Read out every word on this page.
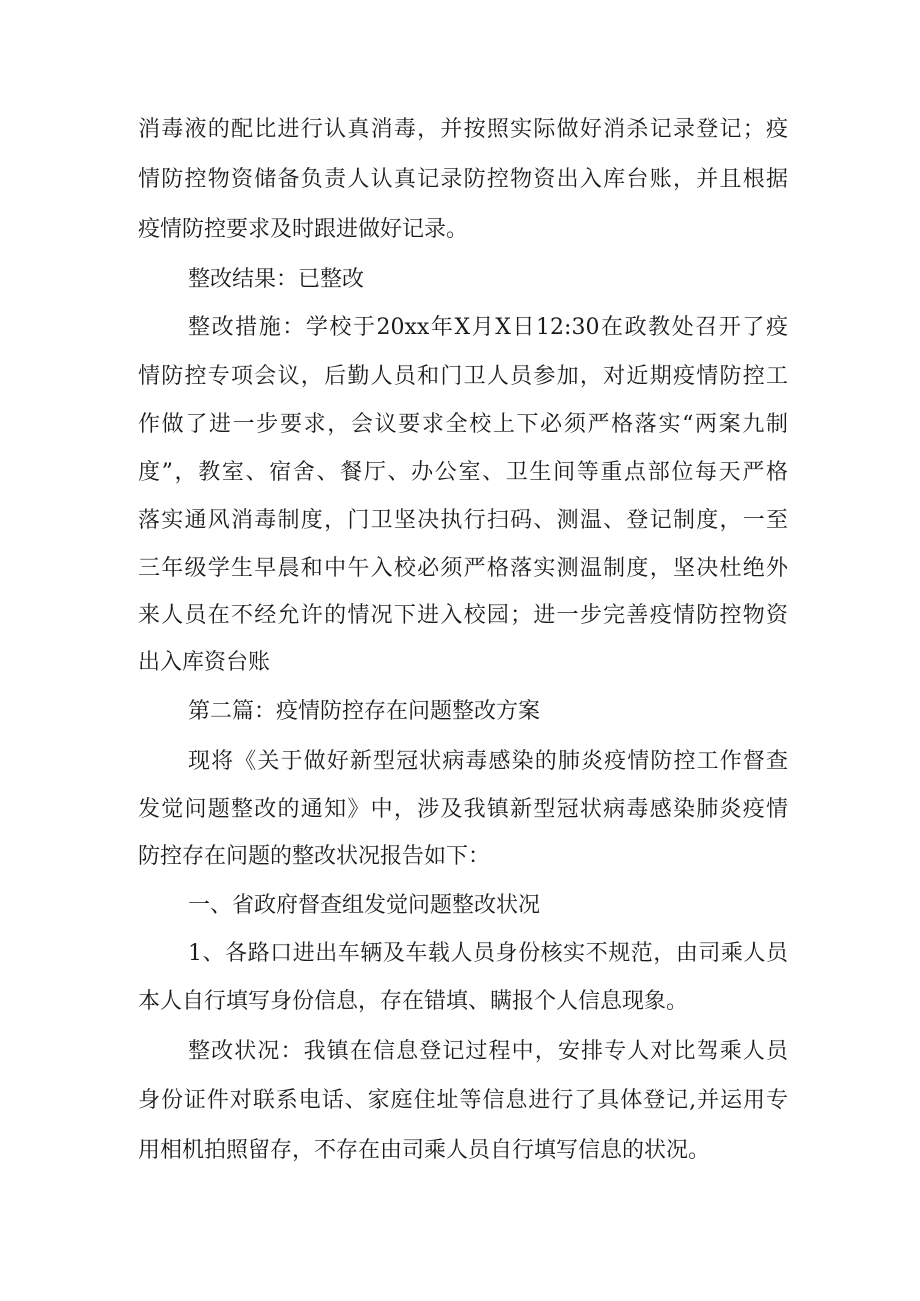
消毒液的配比进行认真消毒，并按照实际做好消杀记录登记；疫
情防控物资储备负责人认真记录防控物资出入库台账，并且根据
疫情防控要求及时跟进做好记录。
整改结果：已整改
整改措施：学校于20xx年X月X日12:30在政教处召开了疫
情防控专项会议，后勤人员和门卫人员参加，对近期疫情防控工
作做了进一步要求，会议要求全校上下必须严格落实“两案九制
度”，教室、宿舍、餐厅、办公室、卫生间等重点部位每天严格
落实通风消毒制度，门卫坚决执行扫码、测温、登记制度，一至
三年级学生早晨和中午入校必须严格落实测温制度，坚决杜绝外
来人员在不经允许的情况下进入校园；进一步完善疫情防控物资
出入库资台账
第二篇：疫情防控存在问题整改方案
现将《关于做好新型冠状病毒感染的肺炎疫情防控工作督查
发觉问题整改的通知》中，涉及我镇新型冠状病毒感染肺炎疫情
防控存在问题的整改状况报告如下：
一、省政府督查组发觉问题整改状况
1、各路口进出车辆及车载人员身份核实不规范，由司乘人员
本人自行填写身份信息，存在错填、瞒报个人信息现象。
整改状况：我镇在信息登记过程中，安排专人对比驾乘人员
身份证件对联系电话、家庭住址等信息进行了具体登记,并运用专
用相机拍照留存，不存在由司乘人员自行填写信息的状况。
